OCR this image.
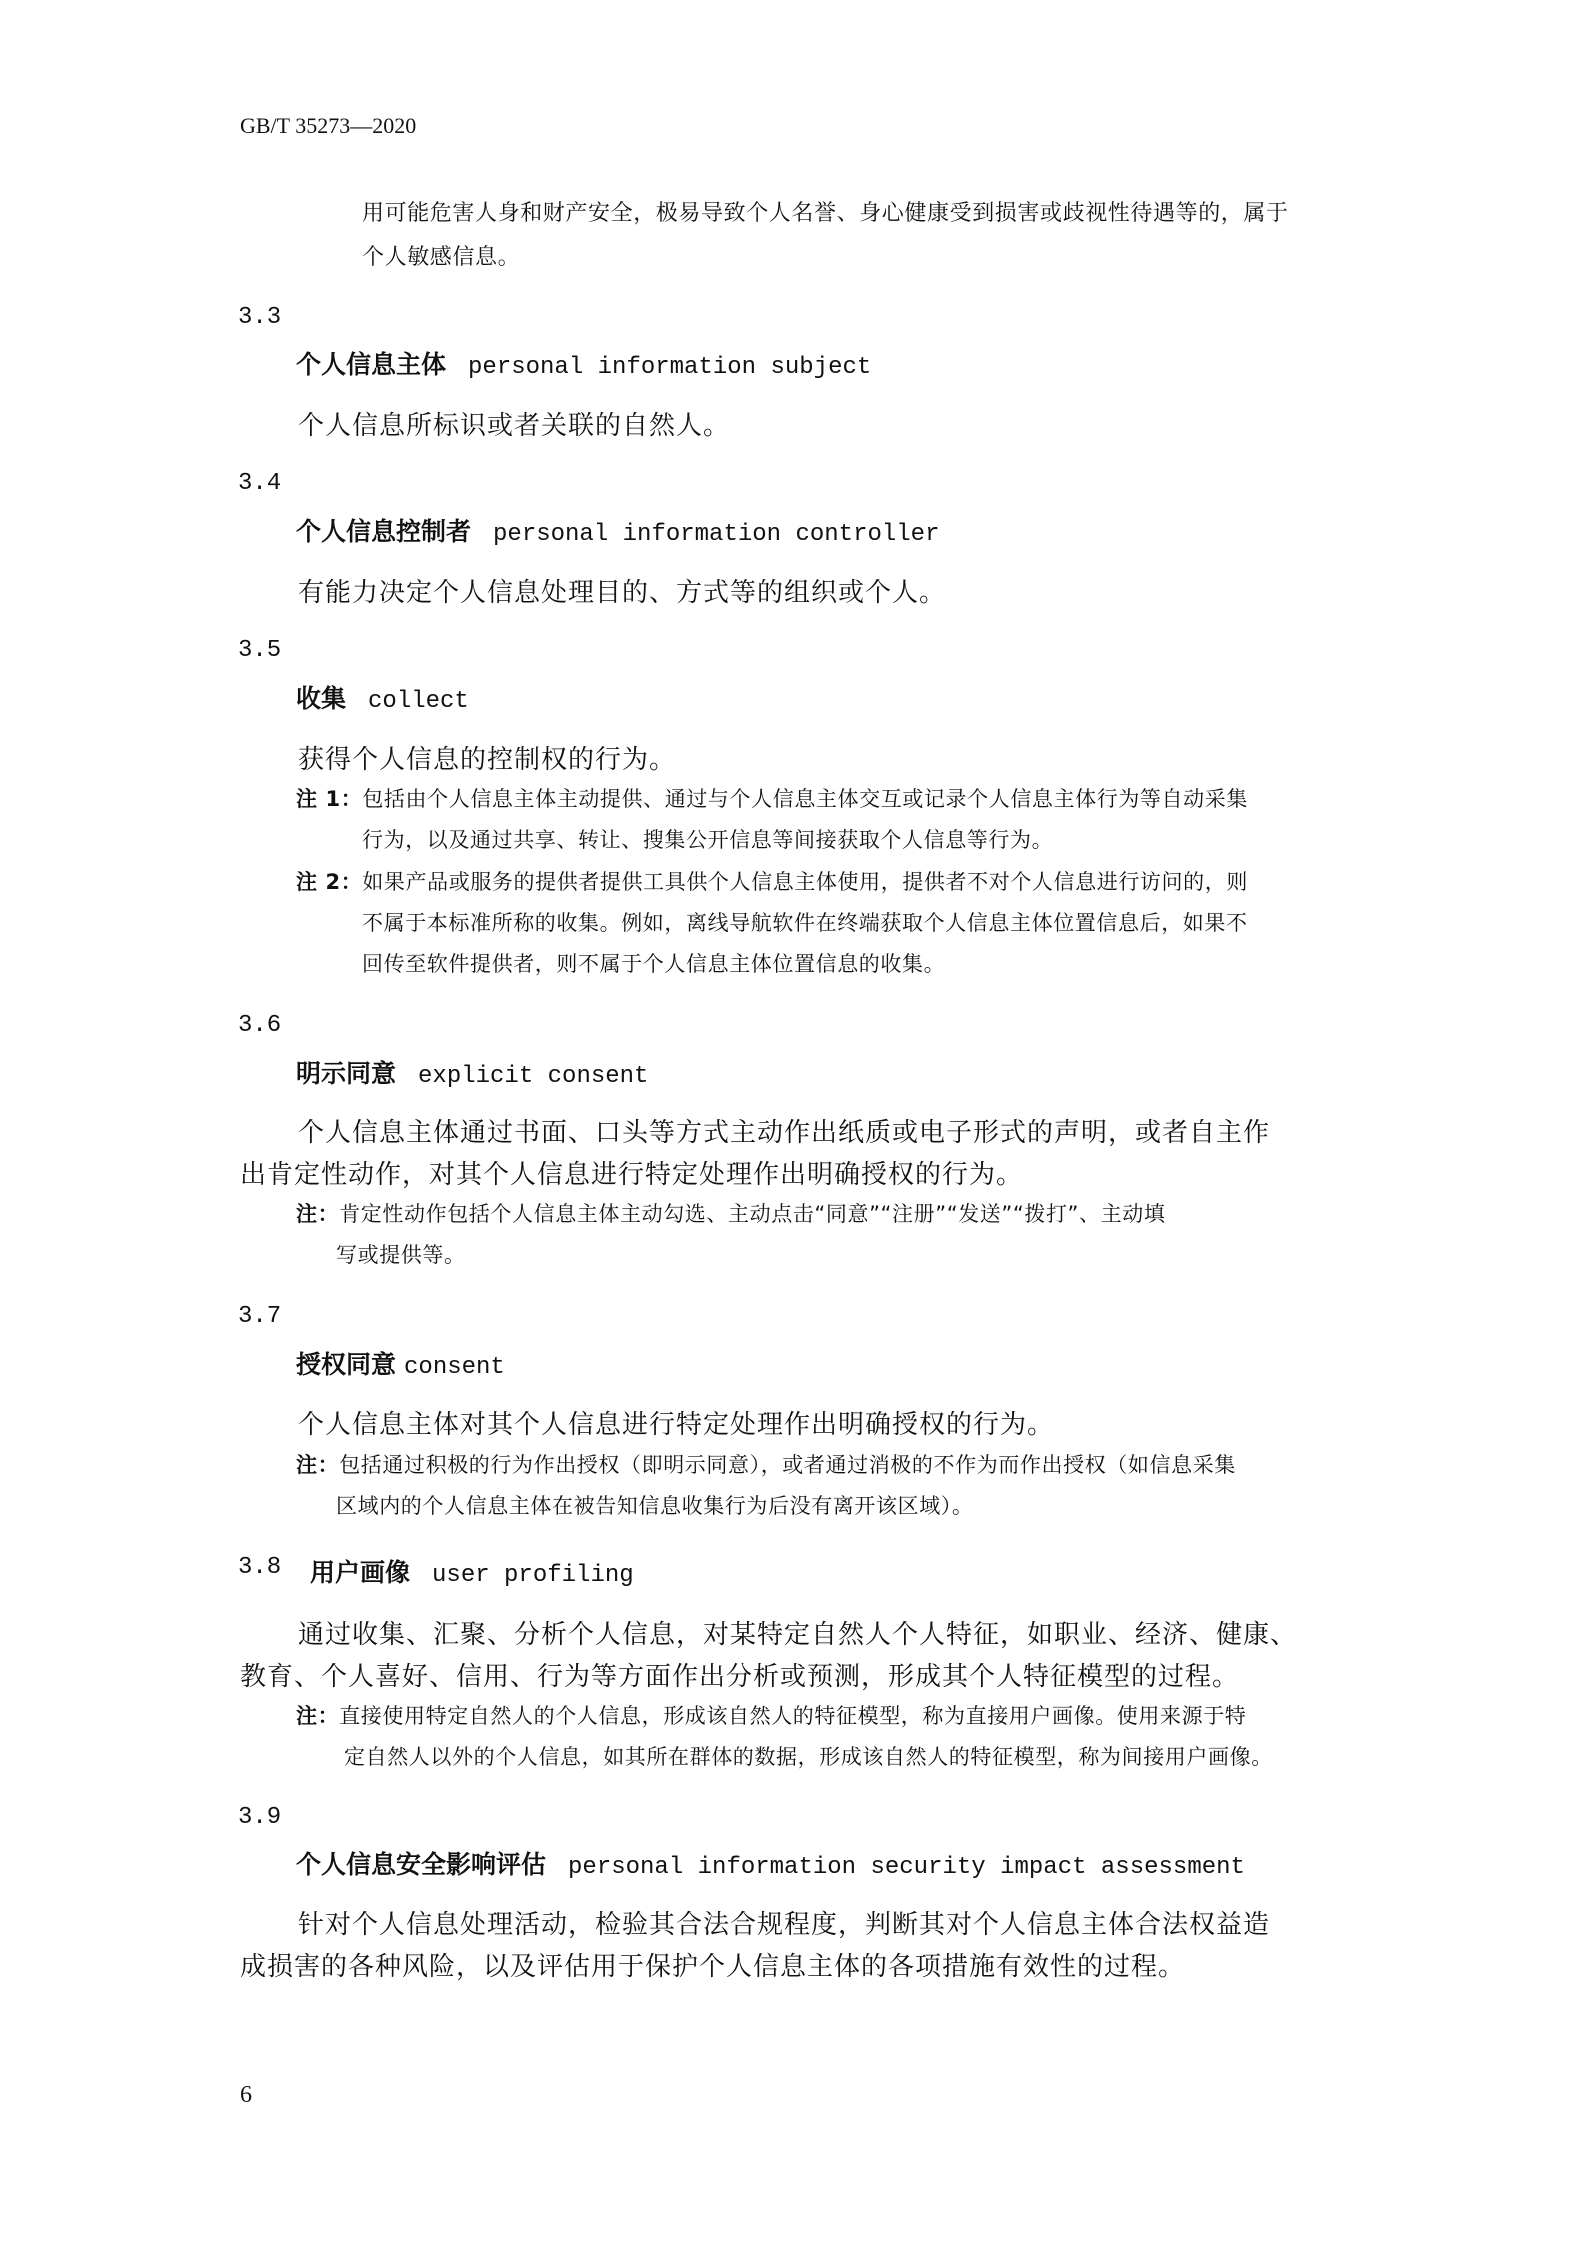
GB/T 35273—2020
用可能危害人身和财产安全，极易导致个人名誉、身心健康受到损害或歧视性待遇等的，属于
个人敏感信息。
3.3
个人信息主体 personal information subject
个人信息所标识或者关联的自然人。
3.4
个人信息控制者 personal information controller
有能力决定个人信息处理目的、方式等的组织或个人。
3.5
收集 collect
获得个人信息的控制权的行为。
注 1：包括由个人信息主体主动提供、通过与个人信息主体交互或记录个人信息主体行为等自动采集
行为，以及通过共享、转让、搜集公开信息等间接获取个人信息等行为。
注 2：如果产品或服务的提供者提供工具供个人信息主体使用，提供者不对个人信息进行访问的，则
不属于本标准所称的收集。例如，离线导航软件在终端获取个人信息主体位置信息后，如果不
回传至软件提供者，则不属于个人信息主体位置信息的收集。
3.6
明示同意 explicit consent
个人信息主体通过书面、口头等方式主动作出纸质或电子形式的声明，或者自主作
出肯定性动作，对其个人信息进行特定处理作出明确授权的行为。
注：肯定性动作包括个人信息主体主动勾选、主动点击“同意”“注册”“发送”“拨打”、主动填
写或提供等。
3.7
授权同意 consent
个人信息主体对其个人信息进行特定处理作出明确授权的行为。
注：包括通过积极的行为作出授权（即明示同意），或者通过消极的不作为而作出授权（如信息采集
区域内的个人信息主体在被告知信息收集行为后没有离开该区域）。
3.8 用户画像 user profiling
通过收集、汇聚、分析个人信息，对某特定自然人个人特征，如职业、经济、健康、
教育、个人喜好、信用、行为等方面作出分析或预测，形成其个人特征模型的过程。
注：直接使用特定自然人的个人信息，形成该自然人的特征模型，称为直接用户画像。使用来源于特
定自然人以外的个人信息，如其所在群体的数据，形成该自然人的特征模型，称为间接用户画像。
3.9
个人信息安全影响评估 personal information security impact assessment
针对个人信息处理活动，检验其合法合规程度，判断其对个人信息主体合法权益造
成损害的各种风险，以及评估用于保护个人信息主体的各项措施有效性的过程。
6
